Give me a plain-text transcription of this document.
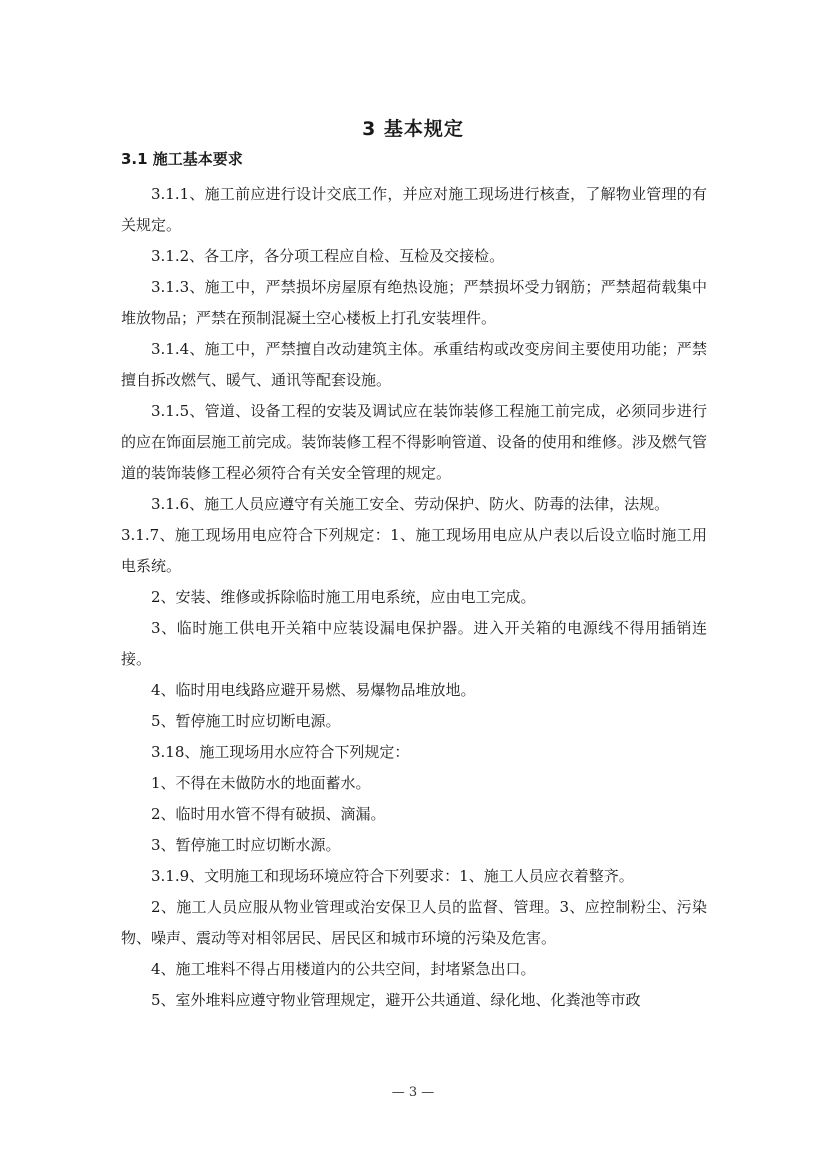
3 基本规定
3.1 施工基本要求

3.1.1、施工前应进行设计交底工作，并应对施工现场进行核查，了解物业管理的有关规定。

3.1.2、各工序，各分项工程应自检、互检及交接检。

3.1.3、施工中，严禁损坏房屋原有绝热设施；严禁损坏受力钢筋；严禁超荷载集中堆放物品；严禁在预制混凝土空心楼板上打孔安装埋件。

3.1.4、施工中，严禁擅自改动建筑主体。承重结构或改变房间主要使用功能；严禁擅自拆改燃气、暖气、通讯等配套设施。

3.1.5、管道、设备工程的安装及调试应在装饰装修工程施工前完成，必须同步进行的应在饰面层施工前完成。装饰装修工程不得影响管道、设备的使用和维修。涉及燃气管道的装饰装修工程必须符合有关安全管理的规定。

3.1.6、施工人员应遵守有关施工安全、劳动保护、防火、防毒的法律，法规。

3.1.7、施工现场用电应符合下列规定：1、施工现场用电应从户表以后设立临时施工用电系统。

2、安装、维修或拆除临时施工用电系统，应由电工完成。

3、临时施工供电开关箱中应装设漏电保护器。进入开关箱的电源线不得用插销连接。

4、临时用电线路应避开易燃、易爆物品堆放地。

5、暂停施工时应切断电源。

3.18、施工现场用水应符合下列规定：

1、不得在未做防水的地面蓄水。

2、临时用水管不得有破损、滴漏。

3、暂停施工时应切断水源。

3.1.9、文明施工和现场环境应符合下列要求：1、施工人员应衣着整齐。

2、施工人员应服从物业管理或治安保卫人员的监督、管理。3、应控制粉尘、污染物、噪声、震动等对相邻居民、居民区和城市环境的污染及危害。

4、施工堆料不得占用楼道内的公共空间，封堵紧急出口。

5、室外堆料应遵守物业管理规定，避开公共通道、绿化地、化粪池等市政

— 3 —
